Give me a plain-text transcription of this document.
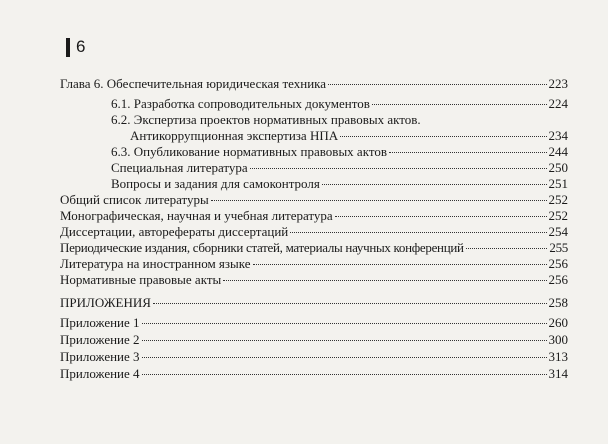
6
Глава 6. Обеспечительная юридическая техника	223
6.1. Разработка сопроводительных документов	224
6.2. Экспертиза проектов нормативных правовых актов.
Антикоррупционная экспертиза НПА	234
6.3. Опубликование нормативных правовых актов	244
Специальная литература	250
Вопросы и задания для самоконтроля	251
Общий список литературы	252
Монографическая, научная и учебная литература	252
Диссертации, авторефераты диссертаций	254
Периодические издания, сборники статей, материалы научных конференций	255
Литература на иностранном языке	256
Нормативные правовые акты	256
ПРИЛОЖЕНИЯ	258
Приложение 1	260
Приложение 2	300
Приложение 3	313
Приложение 4	314
